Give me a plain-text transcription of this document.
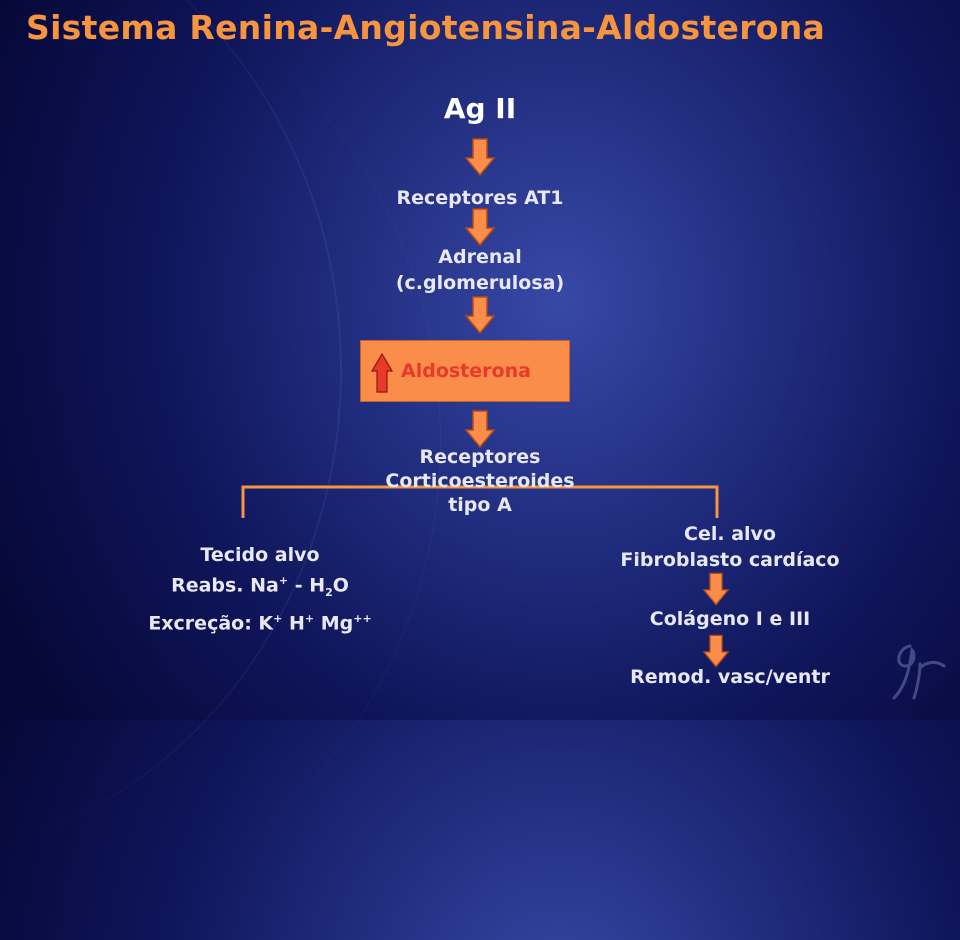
Sistema Renina-Angiotensina-Aldosterona
Ag II
Receptores AT1
Adrenal
(c.glomerulosa)
Aldosterona
Receptores
Corticoesteroides
tipo A
Tecido alvo
Reabs. $Na^+ - H_2O$
Excreção: K+ H+ Mg++
Cel. alvo
Fibroblasto cardíaco
Colágeno I e III
Remod. vasc/ventr
